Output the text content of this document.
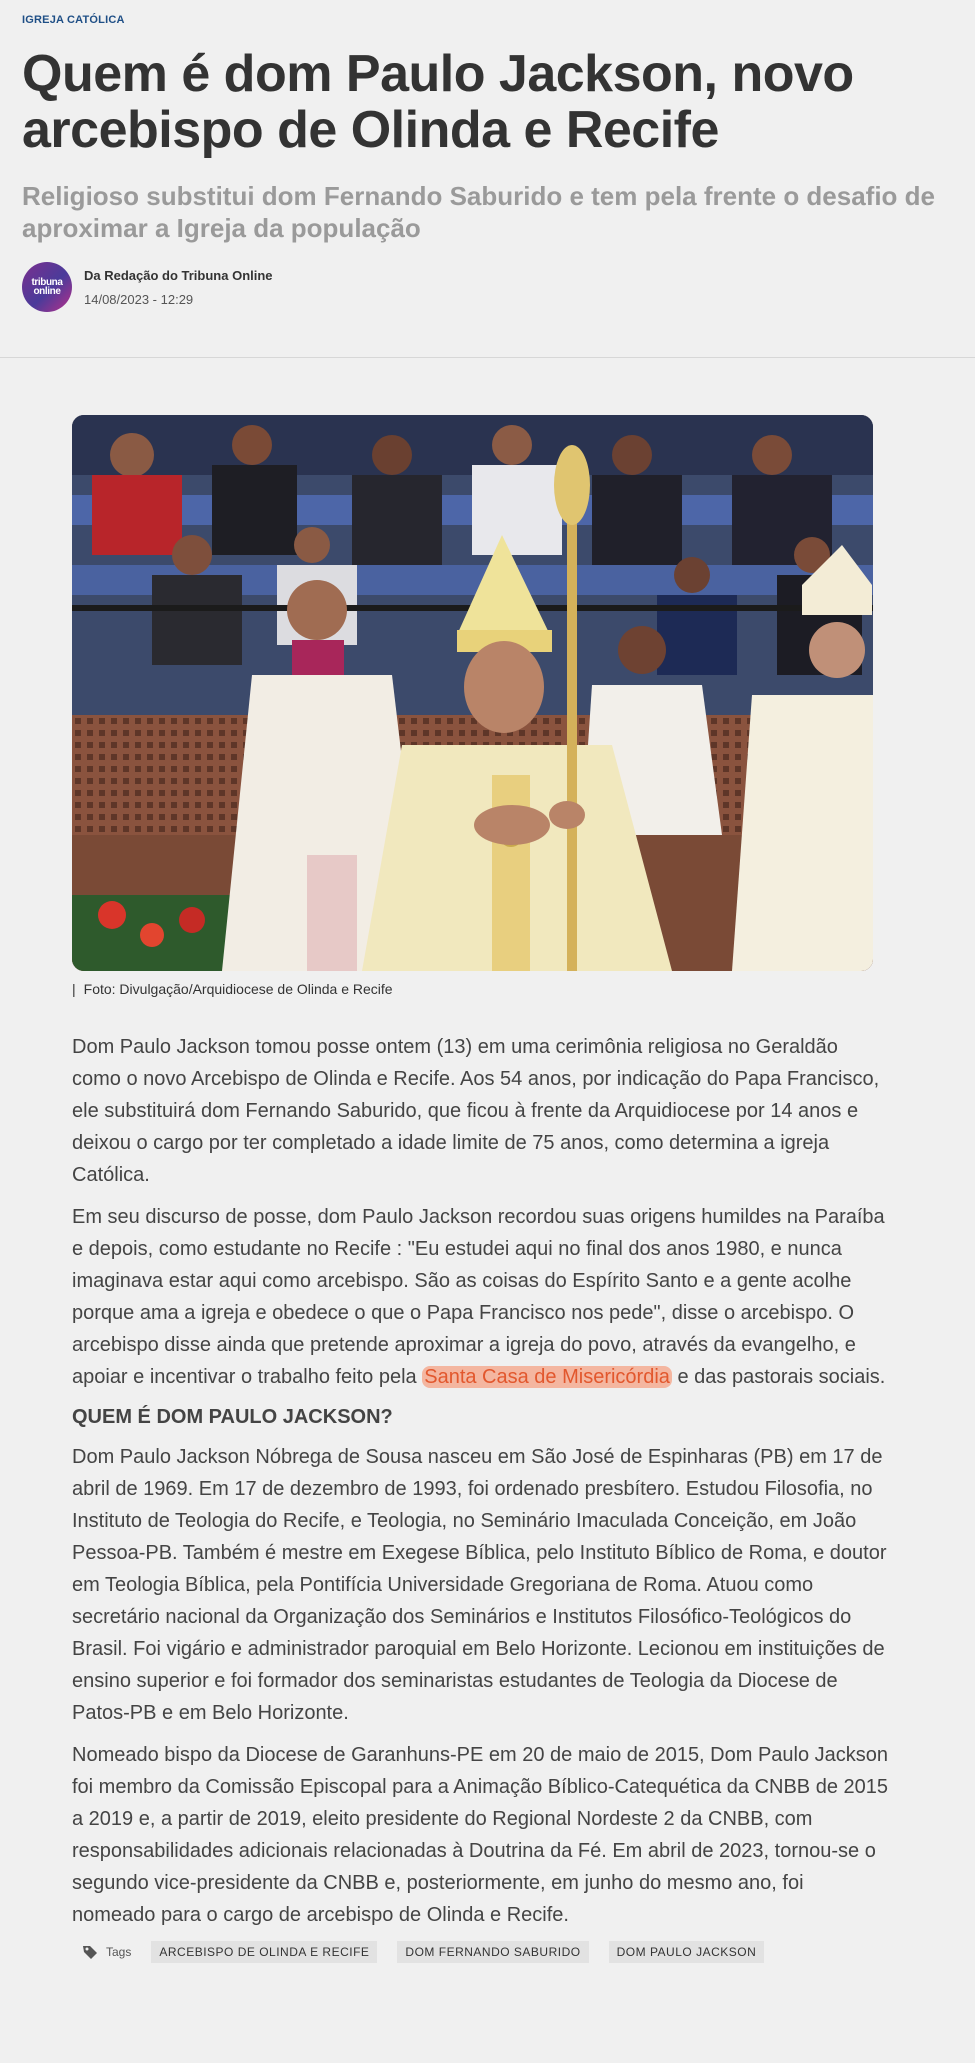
IGREJA CATÓLICA
Quem é dom Paulo Jackson, novo arcebispo de Olinda e Recife
Religioso substitui dom Fernando Saburido e tem pela frente o desafio de aproximar a Igreja da população
tribuna
online
Da Redação do Tribuna Online
14/08/2023 - 12:29
| Foto: Divulgação/Arquidiocese de Olinda e Recife

Dom Paulo Jackson tomou posse ontem (13) em uma cerimônia religiosa no Geraldão como o novo Arcebispo de Olinda e Recife. Aos 54 anos, por indicação do Papa Francisco, ele substituirá dom Fernando Saburido, que ficou à frente da Arquidiocese por 14 anos e deixou o cargo por ter completado a idade limite de 75 anos, como determina a igreja Católica.

Em seu discurso de posse, dom Paulo Jackson recordou suas origens humildes na Paraíba e depois, como estudante no Recife : "Eu estudei aqui no final dos anos 1980, e nunca imaginava estar aqui como arcebispo. São as coisas do Espírito Santo e a gente acolhe porque ama a igreja e obedece o que o Papa Francisco nos pede", disse o arcebispo. O arcebispo disse ainda que pretende aproximar a igreja do povo, através da evangelho, e apoiar e incentivar o trabalho feito pela Santa Casa de Misericórdia e das pastorais sociais.

QUEM É DOM PAULO JACKSON?

Dom Paulo Jackson Nóbrega de Sousa nasceu em São José de Espinharas (PB) em 17 de abril de 1969. Em 17 de dezembro de 1993, foi ordenado presbítero. Estudou Filosofia, no Instituto de Teologia do Recife, e Teologia, no Seminário Imaculada Conceição, em João Pessoa-PB. Também é mestre em Exegese Bíblica, pelo Instituto Bíblico de Roma, e doutor em Teologia Bíblica, pela Pontifícia Universidade Gregoriana de Roma. Atuou como secretário nacional da Organização dos Seminários e Institutos Filosófico-Teológicos do Brasil. Foi vigário e administrador paroquial em Belo Horizonte. Lecionou em instituições de ensino superior e foi formador dos seminaristas estudantes de Teologia da Diocese de Patos-PB e em Belo Horizonte.

Nomeado bispo da Diocese de Garanhuns-PE em 20 de maio de 2015, Dom Paulo Jackson foi membro da Comissão Episcopal para a Animação Bíblico-Catequética da CNBB de 2015 a 2019 e, a partir de 2019, eleito presidente do Regional Nordeste 2 da CNBB, com responsabilidades adicionais relacionadas à Doutrina da Fé. Em abril de 2023, tornou-se o segundo vice-presidente da CNBB e, posteriormente, em junho do mesmo ano, foi nomeado para o cargo de arcebispo de Olinda e Recife.

Tags	ARCEBISPO DE OLINDA E RECIFE	DOM FERNANDO SABURIDO	DOM PAULO JACKSON
